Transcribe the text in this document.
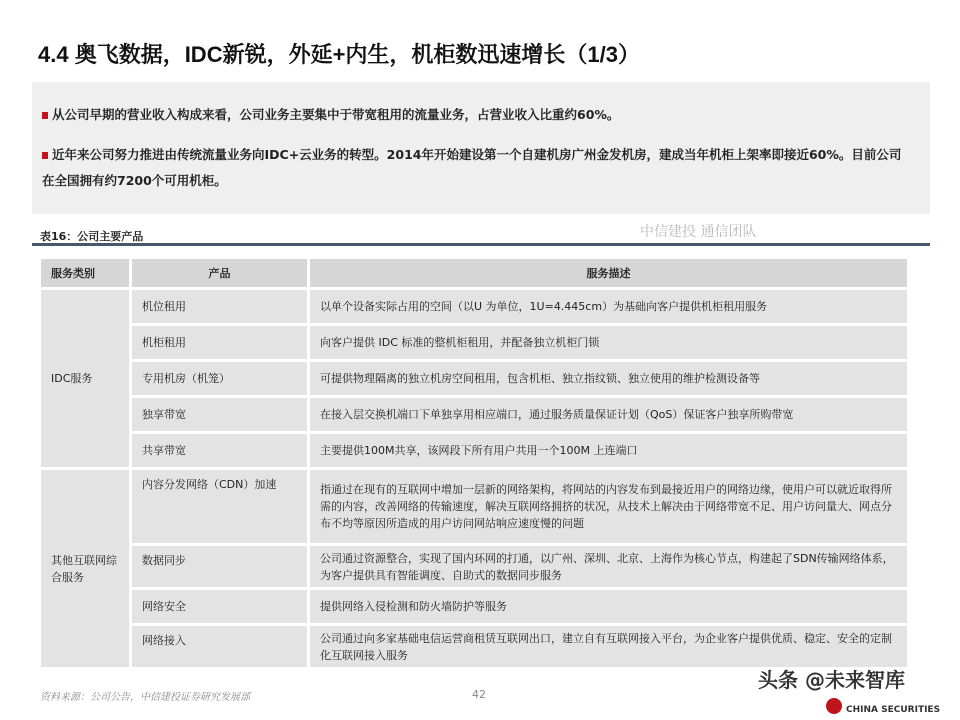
4.4 奥飞数据，IDC新锐，外延+内生，机柜数迅速增长（1/3）
从公司早期的营业收入构成来看，公司业务主要集中于带宽租用的流量业务，占营业收入比重约60%。
近年来公司努力推进由传统流量业务向IDC+云业务的转型。2014年开始建设第一个自建机房广州金发机房，建成当年机柜上架率即接近60%。目前公司在全国拥有约7200个可用机柜。
表16：公司主要产品	中信建投 通信团队
服务类别	产品	服务描述
IDC服务	机位租用	以单个设备实际占用的空间（以U 为单位，1U=4.445cm）为基础向客户提供机柜租用服务
	机柜租用	向客户提供 IDC 标准的整机柜租用，并配备独立机柜门锁
	专用机房（机笼）	可提供物理隔离的独立机房空间租用，包含机柜、独立指纹锁、独立使用的维护检测设备等
	独享带宽	在接入层交换机端口下单独享用相应端口，通过服务质量保证计划（QoS）保证客户独享所购带宽
	共享带宽	主要提供100M共享，该网段下所有用户共用一个100M 上连端口
其他互联网综合服务	内容分发网络（CDN）加速	指通过在现有的互联网中增加一层新的网络架构，将网站的内容发布到最接近用户的网络边缘，使用户可以就近取得所需的内容，改善网络的传输速度，解决互联网络拥挤的状况，从技术上解决由于网络带宽不足、用户访问量大、网点分布不均等原因所造成的用户访问网站响应速度慢的问题
	数据同步	公司通过资源整合，实现了国内环网的打通，以广州、深圳、北京、上海作为核心节点，构建起了SDN传输网络体系，为客户提供具有智能调度、自助式的数据同步服务
	网络安全	提供网络入侵检测和防火墙防护等服务
	网络接入	公司通过向多家基础电信运营商租赁互联网出口，建立自有互联网接入平台，为企业客户提供优质、稳定、安全的定制化互联网接入服务
资料来源：公司公告，中信建投证券研究发展部	42
头条 @未来智库
CHINA SECURITIES
